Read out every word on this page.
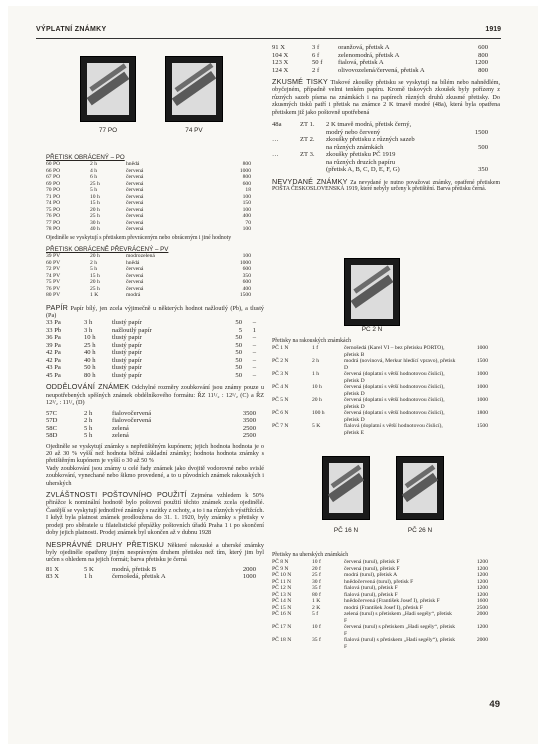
VÝPLATNÍ ZNÁMKY	1919
77 PO	74 PV
PČ 2 N
PČ 16 N	PČ 26 N
PŘETISK OBRÁCENÝ – PO
60 PO	2 h	hnědá	800
66 PO	4 h	červená	1000
67 PO	6 h	červená	800
69 PO	25 h	červená	600
70 PO	5 h	červená	18
71 PO	10 h	červená	100
74 PO	15 h	červená	150
75 PO	20 h	červená	100
76 PO	25 h	červená	400
77 PO	30 h	červená	70
78 PO	40 h	červená	100

Ojediněle se vyskytují s přetiskem převráceným nebo obráceným i jiné hodnoty

PŘETISK OBRÁCENĚ PŘEVRÁCENÝ – PV
39 PV	20 h	modrozelená	100
60 PV	2 h	hnědá	1000
72 PV	5 h	červená	600
74 PV	15 h	červená	350
75 PV	20 h	červená	600
76 PV	25 h	červená	400
80 PV	1 K	modrá	1500

PAPÍR Papír bílý, jen zcela výjimečně u některých hodnot nažloutlý (Pb), a tlustý (Pa)

33 Pa	3 h	tlustý papír	50	–
33 Pb	3 h	nažloutlý papír	5	1
36 Pa	10 h	tlustý papír	50	–
39 Pa	25 h	tlustý papír	50	–
42 Pa	40 h	tlustý papír	50	–
42 Pa	40 h	tlustý papír	50	–
43 Pa	50 h	tlustý papír	50	–
45 Pa	80 h	tlustý papír	50	–

ODDĚLOVÁNÍ ZNÁMEK Odchylné rozměry zoubkování jsou známy pouze u neupotřebených spěšných známek obdélníkového formátu: ŘZ 11¹/₂ : 12¹/₂ (C) a ŘZ 12¹/₂ : 11¹/₂ (D)

57C	2 h	fialovočervená	3500
57D	2 h	fialovočervená	3500
58C	5 h	zelená	2500
58D	5 h	zelená	2500

Ojediněle se vyskytují známky s nepřetištěným kupónem; jejich hodnota hodnota je o 20 až 30 % vyšší než hodnota běžná základní známky; hodnota hodnota známky s přetištěným kupónem je vyšší o 30 až 50 %

Vady zoubkování jsou známy u celé řady známek jako dvojitě vodorovné nebo svislé zoubkování, vynechané nebo šikmo provedené, a to u původních známek rakouských i uherských

ZVLÁŠTNOSTI POŠTOVNÍHO POUŽITÍ Zejména vzhledem k 50% přirážce k nominální hodnotě bylo poštovní použití těchto známek zcela ojedinělé. Častější se vyskytují jednotlivé známky s razítky z ochoty, a to i na různých výstřižcích. I když byla platnost známek prodloužena do 31. 1. 1920, byly známky s přetisky v prodeji pro sběratele u filatelistické přepážky poštovních úřadů Praha 1 i po skončení doby jejich platnosti. Prodej známek byl ukončen až v dubnu 1928

NESPRÁVNÉ DRUHY PŘETISKU Některé rakouské a uherské známky byly ojediněle opatřeny jiným nesprávným druhem přetisku než tím, který jim byl určen s ohledem na jejich formát; barva přetisku je černá

81 X	5 K	modrá, přetisk B	2000
83 X	1 h	černošedá, přetisk A	1000
91 X	3 f	oranžová, přetisk A	600
104 X	6 f	zelenomodrá, přetisk A	800
123 X	50 f	fialová, přetisk A	1200
124 X	2 f	olivovozelená/červená, přetisk A	800

ZKUSMÉ TISKY Tiskové zkoušky přetisku se vyskytují na bílém nebo nahnědlém, obyčejném, případně velmi tenkém papíru. Kromě tiskových zkoušek byly pořízeny z různých sazeb písma na známkách i na papírech různých druhů zkusmé přetisky. Do zkusmých tisků patří i přetisk na známce 2 K tmavě modré (48a), která byla opatřena přetiskem již jako poštovně upotřebená

48a	ZT 1.	2 K tmavě modrá, přetisk černý,	
		modrý nebo červený	1500
…	ZT 2.	zkoušky přetisku z různých sazeb	
		na různých známkách	500
…	ZT 3.	zkoušky přetisku PČ 1919	
		na různých druzích papíru	
		(přetisk A, B, C, D, E, F, G)	350

NEVYDANÉ ZNÁMKY Za nevydané je nutno považovat známky, opatřené přetiskem POŠTA ČESKOSLOVENSKÁ 1919, které nebyly určeny k přetištění. Barva přetisku černá.

Přetisky na rakouských známkách
PČ 1 N	1 f	černošedá (Karel VI – bez přetisku PORTO), přetisk B	1000
PČ 2 N	2 h	modrá (novinová, Merkur hledící vpravo), přetisk D	1500
PČ 3 N	1 h	červená (doplatní s větší hodnotovou číslicí), přetisk D	1000
PČ 4 N	10 h	červená (doplatní s větší hodnotovou číslicí), přetisk D	1000
PČ 5 N	20 h	červená (doplatní s větší hodnotovou číslicí), přetisk D	1000
PČ 6 N	100 h	červená (doplatní s větší hodnotovou číslicí), přetisk D	1800
PČ 7 N	5 K	fialová (doplatní s větší hodnotovou číslicí), přetisk E	1500
Přetisky na uherských známkách
PČ 8 N	10 f	červená (turul), přetisk F	1200
PČ 9 N	20 f	červená (turul), přetisk F	1200
PČ 10 N	25 f	modrá (turul), přetisk A	1200
PČ 11 N	30 f	hnědočervená (turul), přetisk F	1200
PČ 12 N	35 f	fialová (turul), přetisk F	1200
PČ 13 N	80 f	fialová (turul), přetisk F	1200
PČ 14 N	1 K	hnědočervená (František Josef I), přetisk F	1600
PČ 15 N	2 K	modrá (František Josef I), přetisk F	2500
PČ 16 N	5 f	zelená (turul) s přetiskem „Hadi segély“, přetisk F	2000
PČ 17 N	10 f	červená (turul) s přetiskem „Hadi segély“, přetisk F	1200
PČ 18 N	35 f	fialová (turul) s přetiskem „Hadi segély“), přetisk F	2000
49
